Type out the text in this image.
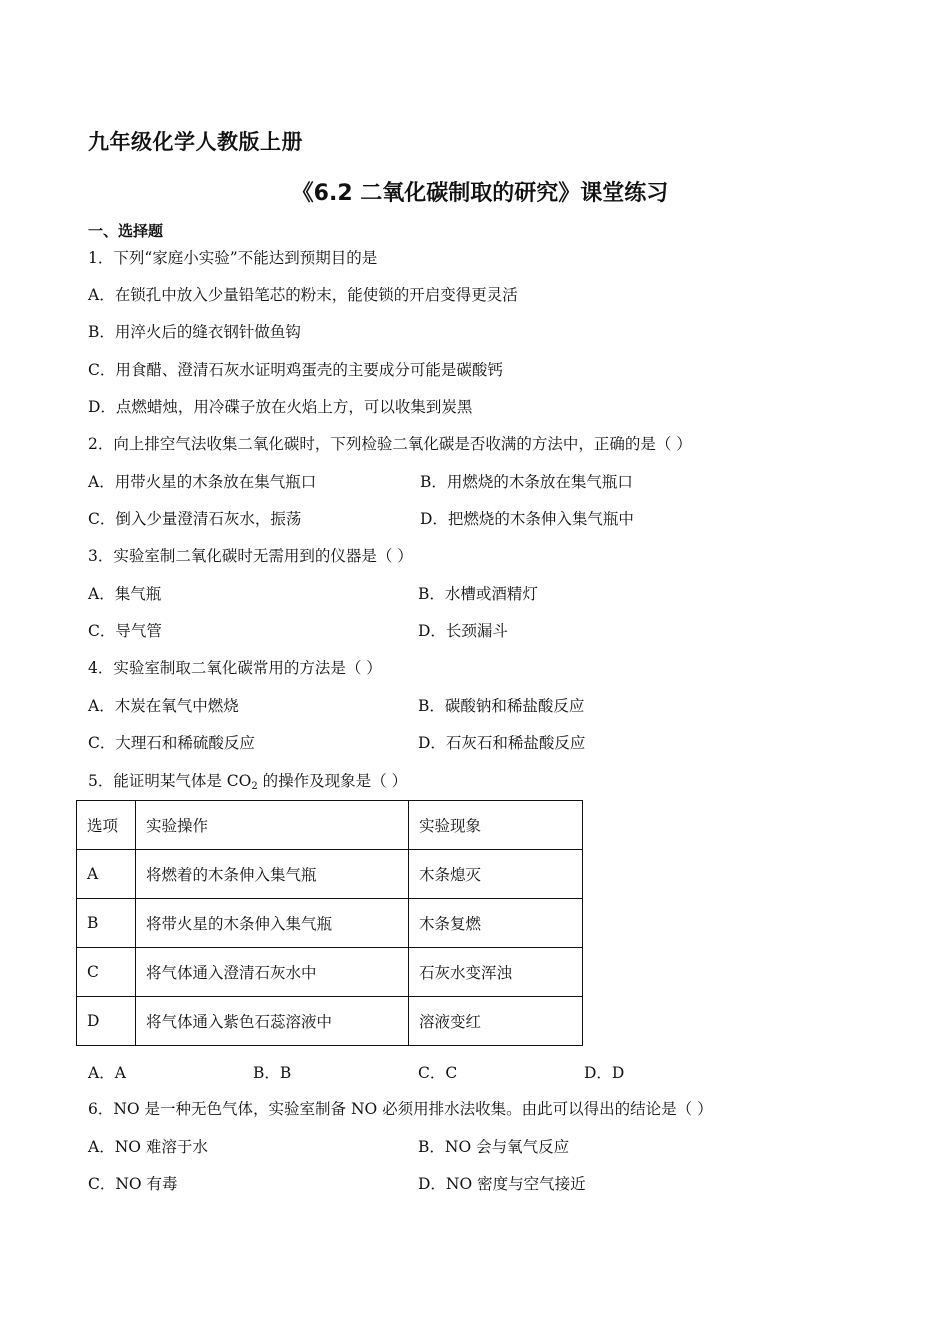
九年级化学人教版上册
《6.2 二氧化碳制取的研究》课堂练习
一、选择题
1．下列“家庭小实验”不能达到预期目的是
A．在锁孔中放入少量铅笔芯的粉末，能使锁的开启变得更灵活
B．用淬火后的缝衣钢针做鱼钩
C．用食醋、澄清石灰水证明鸡蛋壳的主要成分可能是碳酸钙
D．点燃蜡烛，用冷碟子放在火焰上方，可以收集到炭黑
2．向上排空气法收集二氧化碳时，下列检验二氧化碳是否收满的方法中，正确的是（ ）
A．用带火星的木条放在集气瓶口	B．用燃烧的木条放在集气瓶口
C．倒入少量澄清石灰水，振荡	D．把燃烧的木条伸入集气瓶中
3．实验室制二氧化碳时无需用到的仪器是（ ）
A．集气瓶	B．水槽或酒精灯
C．导气管	D．长颈漏斗
4．实验室制取二氧化碳常用的方法是（ ）
A．木炭在氧气中燃烧	B．碳酸钠和稀盐酸反应
C．大理石和稀硫酸反应	D．石灰石和稀盐酸反应
5．能证明某气体是 $CO_2$ 的操作及现象是（ ）
选项	实验操作	实验现象
A	将燃着的木条伸入集气瓶	木条熄灭
B	将带火星的木条伸入集气瓶	木条复燃
C	将气体通入澄清石灰水中	石灰水变浑浊
D	将气体通入紫色石蕊溶液中	溶液变红
A．A	B．B	C．C	D．D
6．NO 是一种无色气体，实验室制备 NO 必须用排水法收集。由此可以得出的结论是（ ）
A．NO 难溶于水	B．NO 会与氧气反应
C．NO 有毒	D．NO 密度与空气接近
